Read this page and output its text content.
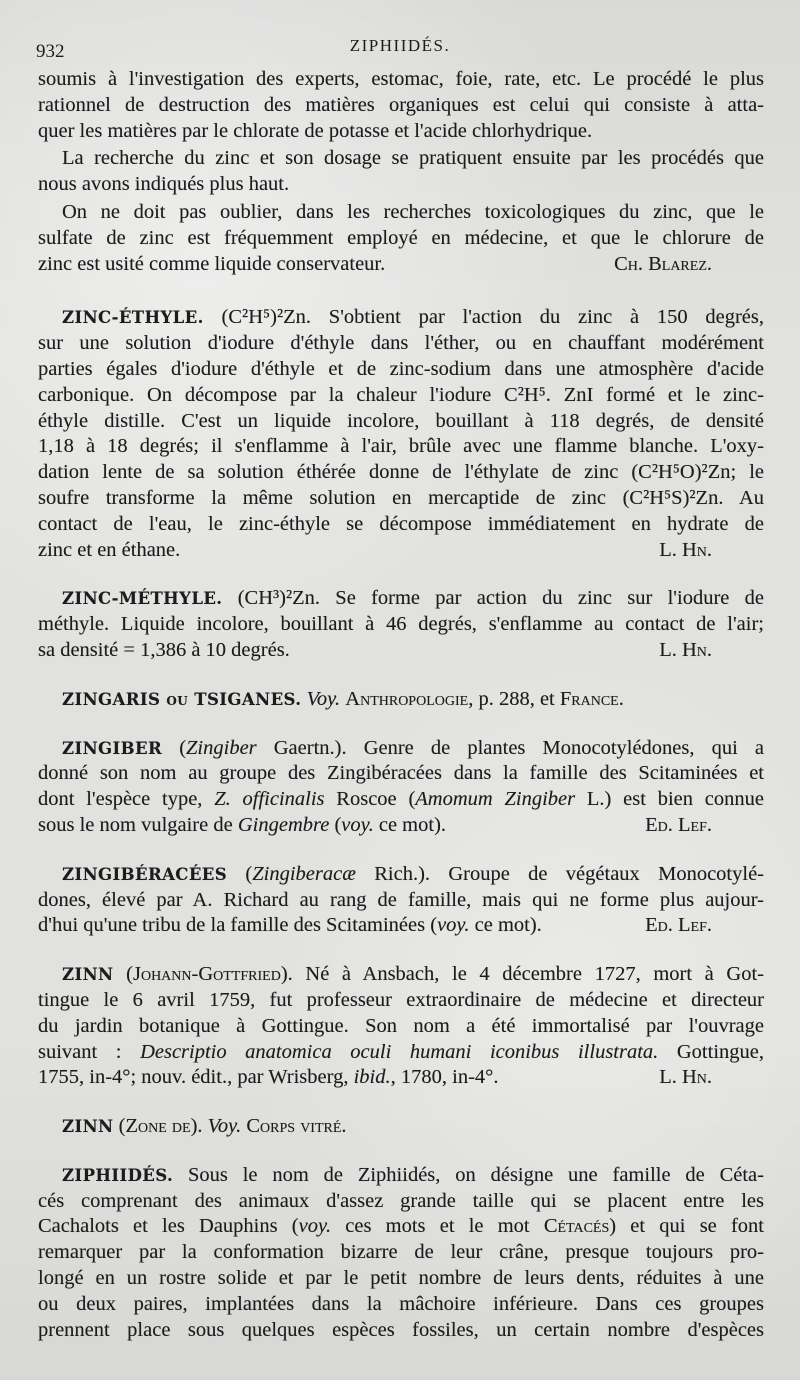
932	ZIPHIIDÉS.
soumis à l'investigation des experts, estomac, foie, rate, etc. Le procédé le plus
rationnel de destruction des matières organiques est celui qui consiste à atta-
quer les matières par le chlorate de potasse et l'acide chlorhydrique.
La recherche du zinc et son dosage se pratiquent ensuite par les procédés que
nous avons indiqués plus haut.
On ne doit pas oublier, dans les recherches toxicologiques du zinc, que le
sulfate de zinc est fréquemment employé en médecine, et que le chlorure de
zinc est usité comme liquide conservateur.	Ch. Blarez.
ZINC-ÉTHYLE. (C²H⁵)²Zn. S'obtient par l'action du zinc à 150 degrés,
sur une solution d'iodure d'éthyle dans l'éther, ou en chauffant modérément
parties égales d'iodure d'éthyle et de zinc-sodium dans une atmosphère d'acide
carbonique. On décompose par la chaleur l'iodure C²H⁵. ZnI formé et le zinc-
éthyle distille. C'est un liquide incolore, bouillant à 118 degrés, de densité
1,18 à 18 degrés; il s'enflamme à l'air, brûle avec une flamme blanche. L'oxy-
dation lente de sa solution éthérée donne de l'éthylate de zinc (C²H⁵O)²Zn; le
soufre transforme la même solution en mercaptide de zinc (C²H⁵S)²Zn. Au
contact de l'eau, le zinc-éthyle se décompose immédiatement en hydrate de
zinc et en éthane.	L. Hn.
ZINC-MÉTHYLE. (CH³)²Zn. Se forme par action du zinc sur l'iodure de
méthyle. Liquide incolore, bouillant à 46 degrés, s'enflamme au contact de l'air;
sa densité = 1,386 à 10 degrés.	L. Hn.
ZINGARIS ou TSIGANES. Voy. Anthropologie, p. 288, et France.
ZINGIBER (Zingiber Gaertn.). Genre de plantes Monocotylédones, qui a
donné son nom au groupe des Zingibéracées dans la famille des Scitaminées et
dont l'espèce type, Z. officinalis Roscoe (Amomum Zingiber L.) est bien connue
sous le nom vulgaire de Gingembre (voy. ce mot).	Ed. Lef.
ZINGIBÉRACÉES (Zingiberacæ Rich.). Groupe de végétaux Monocotylé-
dones, élevé par A. Richard au rang de famille, mais qui ne forme plus aujour-
d'hui qu'une tribu de la famille des Scitaminées (voy. ce mot).	Ed. Lef.
ZINN (Johann-Gottfried). Né à Ansbach, le 4 décembre 1727, mort à Got-
tingue le 6 avril 1759, fut professeur extraordinaire de médecine et directeur
du jardin botanique à Gottingue. Son nom a été immortalisé par l'ouvrage
suivant : Descriptio anatomica oculi humani iconibus illustrata. Gottingue,
1755, in-4°; nouv. édit., par Wrisberg, ibid., 1780, in-4°.	L. Hn.
ZINN (Zone de). Voy. Corps vitré.
ZIPHIIDÉS. Sous le nom de Ziphiidés, on désigne une famille de Céta-
cés comprenant des animaux d'assez grande taille qui se placent entre les
Cachalots et les Dauphins (voy. ces mots et le mot Cétacés) et qui se font
remarquer par la conformation bizarre de leur crâne, presque toujours pro-
longé en un rostre solide et par le petit nombre de leurs dents, réduites à une
ou deux paires, implantées dans la mâchoire inférieure. Dans ces groupes
prennent place sous quelques espèces fossiles, un certain nombre d'espèces
